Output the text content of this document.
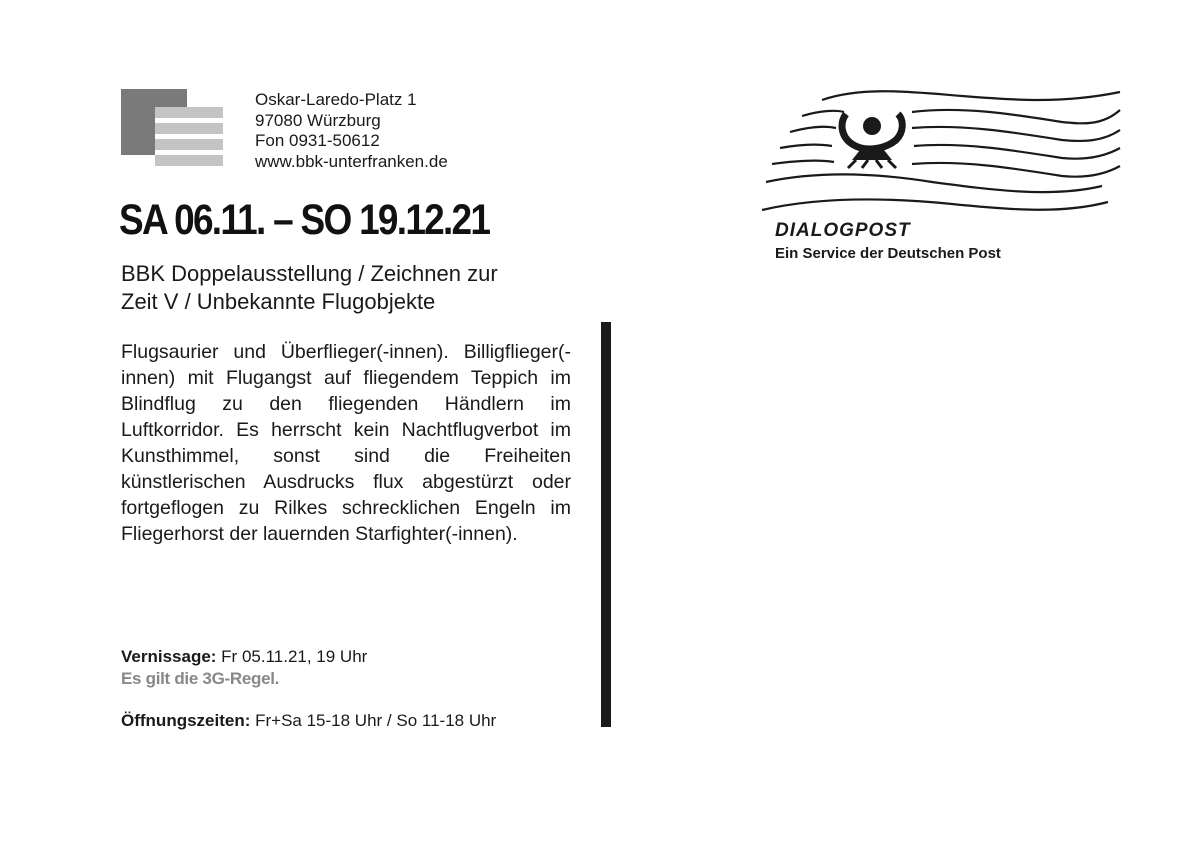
Oskar-Laredo-Platz 1
97080 Würzburg
Fon 0931-50612
www.bbk-unterfranken.de
SA 06.11. – SO 19.12.21
BBK Doppelausstellung / Zeichnen zur
Zeit V / Unbekannte Flugobjekte

Flugsaurier und Überflieger(-innen). Billigflieger(-innen) mit Flugangst auf fliegendem Teppich im Blindflug zu den fliegenden Händlern im Luftkorridor. Es herrscht kein Nachtflugverbot im Kunsthimmel, sonst sind die Freiheiten künstlerischen Ausdrucks flux abgestürzt oder fortgeflogen zu Rilkes schrecklichen Engeln im Fliegerhorst der lauernden Starfighter(-innen).

Vernissage: Fr 05.11.21, 19 Uhr
Es gilt die 3G-Regel.
Öffnungszeiten: Fr+Sa 15-18 Uhr / So 11-18 Uhr
DIALOGPOST
Ein Service der Deutschen Post
